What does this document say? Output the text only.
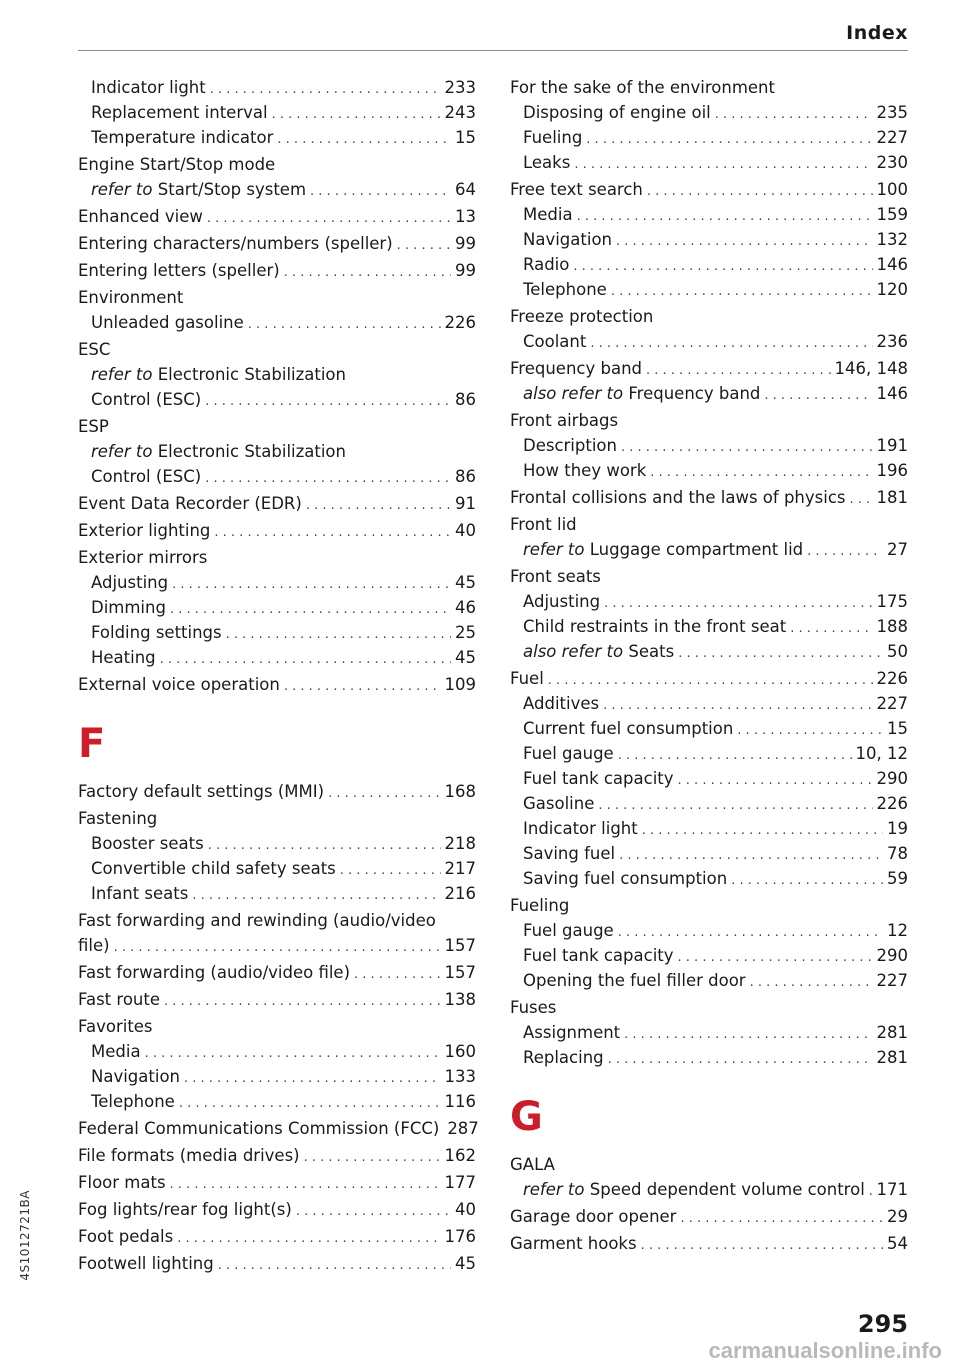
Index
Indicator light . . .	233
Replacement interval . . .	243
Temperature indicator . . .	15
Engine Start/Stop mode
refer to Start/Stop system . . .	64
Enhanced view . . .	13
Entering characters/numbers (speller) . . .	99
Entering letters (speller) . . .	99
Environment
Unleaded gasoline . . .	226
ESC
refer to Electronic Stabilization
Control (ESC) . . .	86
ESP
refer to Electronic Stabilization
Control (ESC) . . .	86
Event Data Recorder (EDR) . . .	91
Exterior lighting . . .	40
Exterior mirrors
Adjusting . . .	45
Dimming . . .	46
Folding settings . . .	25
Heating . . .	45
External voice operation . . .	109
F
Factory default settings (MMI) . . .	168
Fastening
Booster seats . . .	218
Convertible child safety seats . . .	217
Infant seats . . .	216
Fast forwarding and rewinding (audio/video
file) . . .	157
Fast forwarding (audio/video file) . . .	157
Fast route . . .	138
Favorites
Media . . .	160
Navigation . . .	133
Telephone . . .	116
Federal Communications Commission (FCC) 287
File formats (media drives) . . .	162
Floor mats . . .	177
Fog lights/rear fog light(s) . . .	40
Foot pedals . . .	176
Footwell lighting . . .	45
For the sake of the environment
Disposing of engine oil . . .	235
Fueling . . .	227
Leaks . . .	230
Free text search . . .	100
Media . . .	159
Navigation . . .	132
Radio . . .	146
Telephone . . .	120
Freeze protection
Coolant . . .	236
Frequency band . . .	146, 148
also refer to Frequency band . . .	146
Front airbags
Description . . .	191
How they work . . .	196
Frontal collisions and the laws of physics . . . 181
Front lid
refer to Luggage compartment lid . . .	27
Front seats
Adjusting . . .	175
Child restraints in the front seat . . .	188
also refer to Seats . . .	50
Fuel . . .	226
Additives . . .	227
Current fuel consumption . . .	15
Fuel gauge . . .	10, 12
Fuel tank capacity . . .	290
Gasoline . . .	226
Indicator light . . .	19
Saving fuel . . .	78
Saving fuel consumption . . .	59
Fueling
Fuel gauge . . .	12
Fuel tank capacity . . .	290
Opening the fuel filler door . . .	227
Fuses
Assignment . . .	281
Replacing . . .	281
G
GALA
refer to Speed dependent volume control . . . 171
Garage door opener . . .	29
Garment hooks . . .	54
4S1012721BA
295
carmanualsonline.info
